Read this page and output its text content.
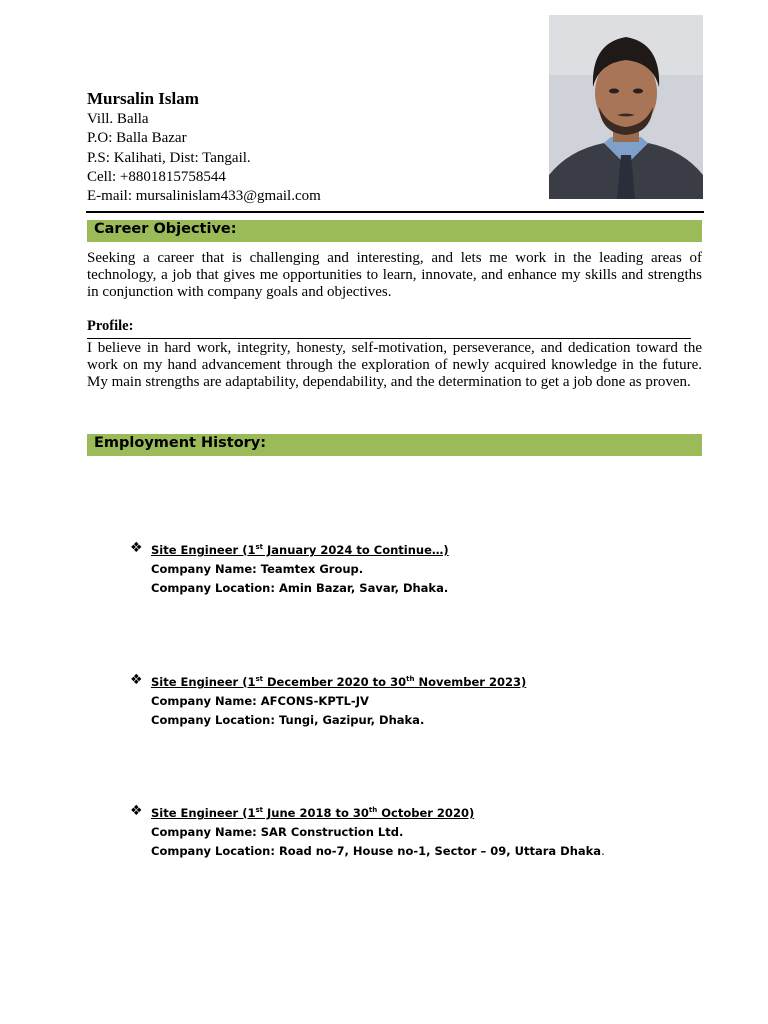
Mursalin Islam
Vill. Balla
P.O: Balla Bazar
P.S: Kalihati, Dist: Tangail.
Cell: +8801815758544
E-mail: mursalinislam433@gmail.com
Career Objective:
Seeking a career that is challenging and interesting, and lets me work in the leading areas of technology, a job that gives me opportunities to learn, innovate, and enhance my skills and strengths in conjunction with company goals and objectives.
Profile:
I believe in hard work, integrity, honesty, self-motivation, perseverance, and dedication toward the work on my hand advancement through the exploration of newly acquired knowledge in the future. My main strengths are adaptability, dependability, and the determination to get a job done as proven.
Employment History:
❖ Site Engineer (1st January 2024 to Continue…)
Company Name: Teamtex Group.
Company Location: Amin Bazar, Savar, Dhaka.
❖ Site Engineer (1st December 2020 to 30th November 2023)
Company Name: AFCONS-KPTL-JV
Company Location: Tungi, Gazipur, Dhaka.
❖ Site Engineer (1st June 2018 to 30th October 2020)
Company Name: SAR Construction Ltd.
Company Location: Road no-7, House no-1, Sector – 09, Uttara Dhaka.
